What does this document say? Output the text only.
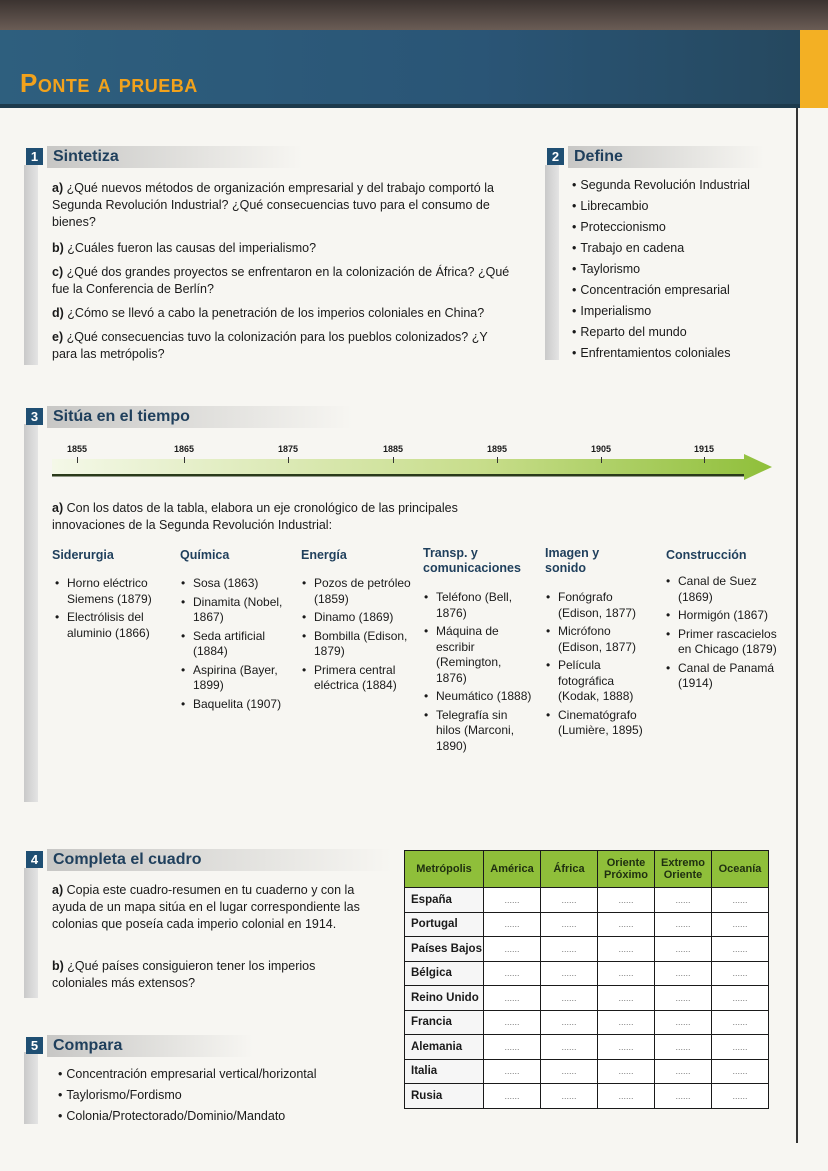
Ponte a prueba
1 Sintetiza
a) ¿Qué nuevos métodos de organización empresarial y del trabajo comportó la Segunda Revolución Industrial? ¿Qué consecuencias tuvo para el consumo de bienes?
b) ¿Cuáles fueron las causas del imperialismo?
c) ¿Qué dos grandes proyectos se enfrentaron en la colonización de África? ¿Qué fue la Conferencia de Berlín?
d) ¿Cómo se llevó a cabo la penetración de los imperios coloniales en China?
e) ¿Qué consecuencias tuvo la colonización para los pueblos colonizados? ¿Y para las metrópolis?
2 Define
• Segunda Revolución Industrial
• Librecambio
• Proteccionismo
• Trabajo en cadena
• Taylorismo
• Concentración empresarial
• Imperialismo
• Reparto del mundo
• Enfrentamientos coloniales
3 Sitúa en el tiempo
1855	1865	1875	1885	1895	1905	1915
a) Con los datos de la tabla, elabora un eje cronológico de las principales innovaciones de la Segunda Revolución Industrial:
Siderurgia
• Horno eléctrico Siemens (1879)
• Electrólisis del aluminio (1866)
Química
• Sosa (1863)
• Dinamita (Nobel, 1867)
• Seda artificial (1884)
• Aspirina (Bayer, 1899)
• Baquelita (1907)
Energía
• Pozos de petróleo (1859)
• Dinamo (1869)
• Bombilla (Edison, 1879)
• Primera central eléctrica (1884)
Transp. y comunicaciones
• Teléfono (Bell, 1876)
• Máquina de escribir (Remington, 1876)
• Neumático (1888)
• Telegrafía sin hilos (Marconi, 1890)
Imagen y sonido
• Fonógrafo (Edison, 1877)
• Micrófono (Edison, 1877)
• Película fotográfica (Kodak, 1888)
• Cinematógrafo (Lumière, 1895)
Construcción
• Canal de Suez (1869)
• Hormigón (1867)
• Primer rascacielos en Chicago (1879)
• Canal de Panamá (1914)
4 Completa el cuadro
a) Copia este cuadro-resumen en tu cuaderno y con la ayuda de un mapa sitúa en el lugar correspondiente las colonias que poseía cada imperio colonial en 1914.
b) ¿Qué países consiguieron tener los imperios coloniales más extensos?
Metrópolis	América	África	Oriente Próximo	Extremo Oriente	Oceanía
España	......	......	......	......	......
Portugal	......	......	......	......	......
Países Bajos	......	......	......	......	......
Bélgica	......	......	......	......	......
Reino Unido	......	......	......	......	......
Francia	......	......	......	......	......
Alemania	......	......	......	......	......
Italia	......	......	......	......	......
Rusia	......	......	......	......	......
5 Compara
• Concentración empresarial vertical/horizontal
• Taylorismo/Fordismo
• Colonia/Protectorado/Dominio/Mandato
